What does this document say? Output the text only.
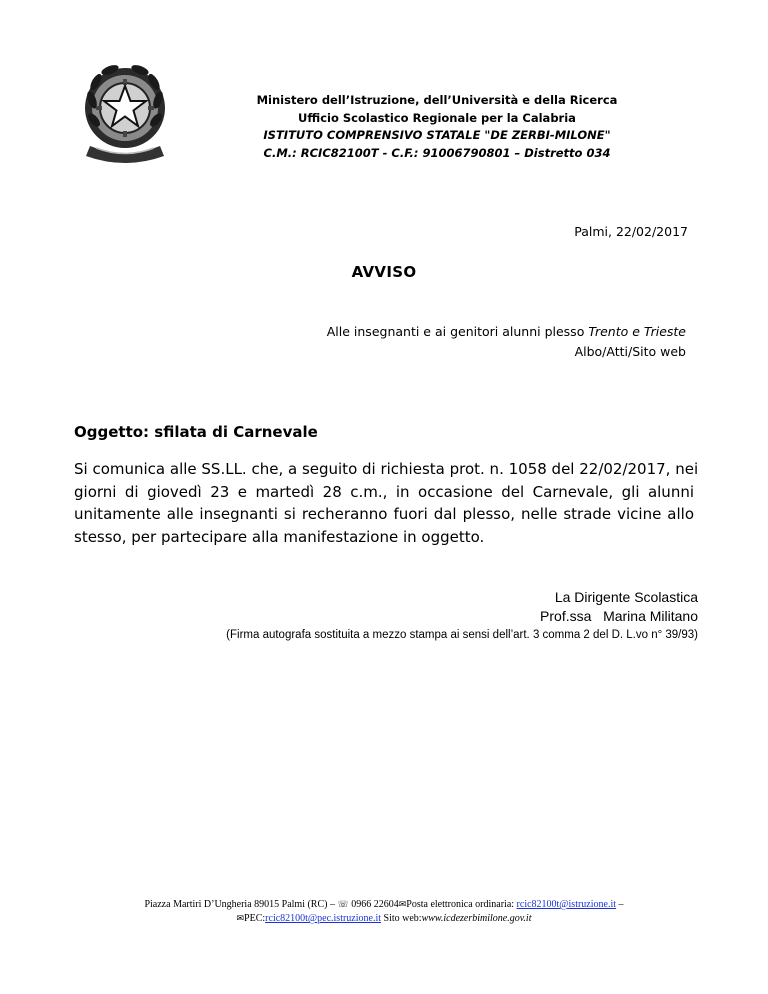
Ministero dell’Istruzione, dell’Università e della Ricerca
Ufficio Scolastico Regionale per la Calabria
ISTITUTO COMPRENSIVO STATALE "DE ZERBI-MILONE"
C.M.: RCIC82100T - C.F.: 91006790801 – Distretto 034
Palmi, 22/02/2017
AVVISO
Alle insegnanti e ai genitori alunni plesso Trento e Trieste
Albo/Atti/Sito web
Oggetto: sfilata di Carnevale
Si comunica alle SS.LL. che, a seguito di richiesta prot. n. 1058 del 22/02/2017, nei
giorni di giovedì 23 e martedì 28 c.m., in occasione del Carnevale, gli alunni
unitamente alle insegnanti si recheranno fuori dal plesso, nelle strade vicine allo
stesso, per partecipare alla manifestazione in oggetto.
La Dirigente Scolastica
Prof.ssa   Marina Militano
(Firma autografa sostituita a mezzo stampa ai sensi dell’art. 3 comma 2 del D. L.vo n° 39/93)
Piazza Martiri D’Ungheria 89015 Palmi (RC) – ☏ 0966 22604✉Posta elettronica ordinaria: rcic82100t@istruzione.it –
✉PEC:rcic82100t@pec.istruzione.it Sito web:www.icdezerbimilone.gov.it
